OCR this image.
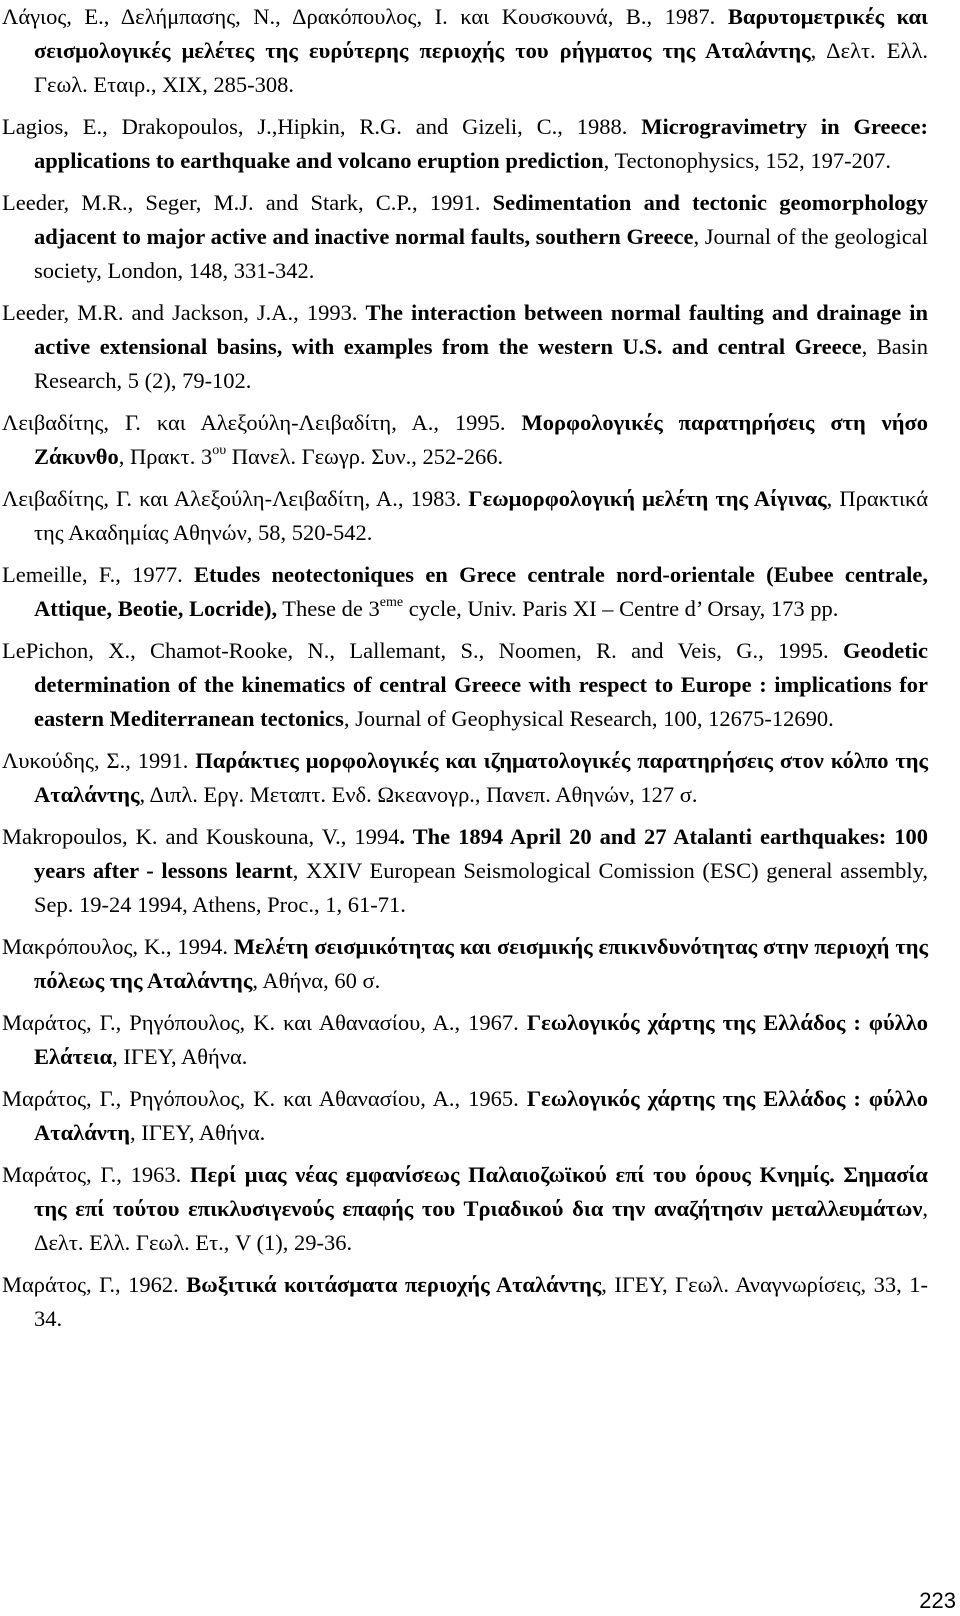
Λάγιος, Ε., Δελήμπασης, Ν., Δρακόπουλος, Ι. και Κουσκουνά, Β., 1987. Βαρυτομετρικές και σεισμολογικές μελέτες της ευρύτερης περιοχής του ρήγματος της Αταλάντης, Δελτ. Ελλ. Γεωλ. Εταιρ., XIX, 285-308.

Lagios, E., Drakopoulos, J.,Hipkin, R.G. and Gizeli, C., 1988. Microgravimetry in Greece: applications to earthquake and volcano eruption prediction, Tectonophysics, 152, 197-207.

Leeder, M.R., Seger, M.J. and Stark, C.P., 1991. Sedimentation and tectonic geomorphology adjacent to major active and inactive normal faults, southern Greece, Journal of the geological society, London, 148, 331-342.

Leeder, M.R. and Jackson, J.A., 1993. The interaction between normal faulting and drainage in active extensional basins, with examples from the western U.S. and central Greece, Basin Research, 5 (2), 79-102.

Λειβαδίτης, Γ. και Αλεξούλη-Λειβαδίτη, Α., 1995. Μορφολογικές παρατηρήσεις στη νήσο Ζάκυνθο, Πρακτ. $3^{o\upsilon}$ Πανελ. Γεωγρ. Συν., 252-266.

Λειβαδίτης, Γ. και Αλεξούλη-Λειβαδίτη, Α., 1983. Γεωμορφολογική μελέτη της Αίγινας, Πρακτικά της Ακαδημίας Αθηνών, 58, 520-542.

Lemeille, F., 1977. Etudes neotectoniques en Grece centrale nord-orientale (Eubee centrale, Attique, Beotie, Locride), These de 3eme cycle, Univ. Paris XI – Centre d’ Orsay, 173 pp.

LePichon, X., Chamot-Rooke, N., Lallemant, S., Noomen, R. and Veis, G., 1995. Geodetic determination of the kinematics of central Greece with respect to Europe : implications for eastern Mediterranean tectonics, Journal of Geophysical Research, 100, 12675-12690.

Λυκούδης, Σ., 1991. Παράκτιες μορφολογικές και ιζηματολογικές παρατηρήσεις στον κόλπο της Αταλάντης, Διπλ. Εργ. Μεταπτ. Ενδ. Ωκεανογρ., Πανεπ. Αθηνών, 127 σ.

Makropoulos, K. and Kouskouna, V., 1994. The 1894 April 20 and 27 Atalanti earthquakes: 100 years after - lessons learnt, XXIV European Seismological Comission (ESC) general assembly, Sep. 19-24 1994, Athens, Proc., 1, 61-71.

Μακρόπουλος, Κ., 1994. Μελέτη σεισμικότητας και σεισμικής επικινδυνότητας στην περιοχή της πόλεως της Αταλάντης, Αθήνα, 60 σ.

Μαράτος, Γ., Ρηγόπουλος, Κ. και Αθανασίου, Α., 1967. Γεωλογικός χάρτης της Ελλάδος : φύλλο Ελάτεια, ΙΓΕΥ, Αθήνα.

Μαράτος, Γ., Ρηγόπουλος, Κ. και Αθανασίου, Α., 1965. Γεωλογικός χάρτης της Ελλάδος : φύλλο Αταλάντη, ΙΓΕΥ, Αθήνα.

Μαράτος, Γ., 1963. Περί μιας νέας εμφανίσεως Παλαιοζωϊκού επί του όρους Κνημίς. Σημασία της επί τούτου επικλυσιγενούς επαφής του Τριαδικού δια την αναζήτησιν μεταλλευμάτων, Δελτ. Ελλ. Γεωλ. Ετ., V (1), 29-36.

Μαράτος, Γ., 1962. Βωξιτικά κοιτάσματα περιοχής Αταλάντης, ΙΓΕΥ, Γεωλ. Αναγνωρίσεις, 33, 1-34.

223
